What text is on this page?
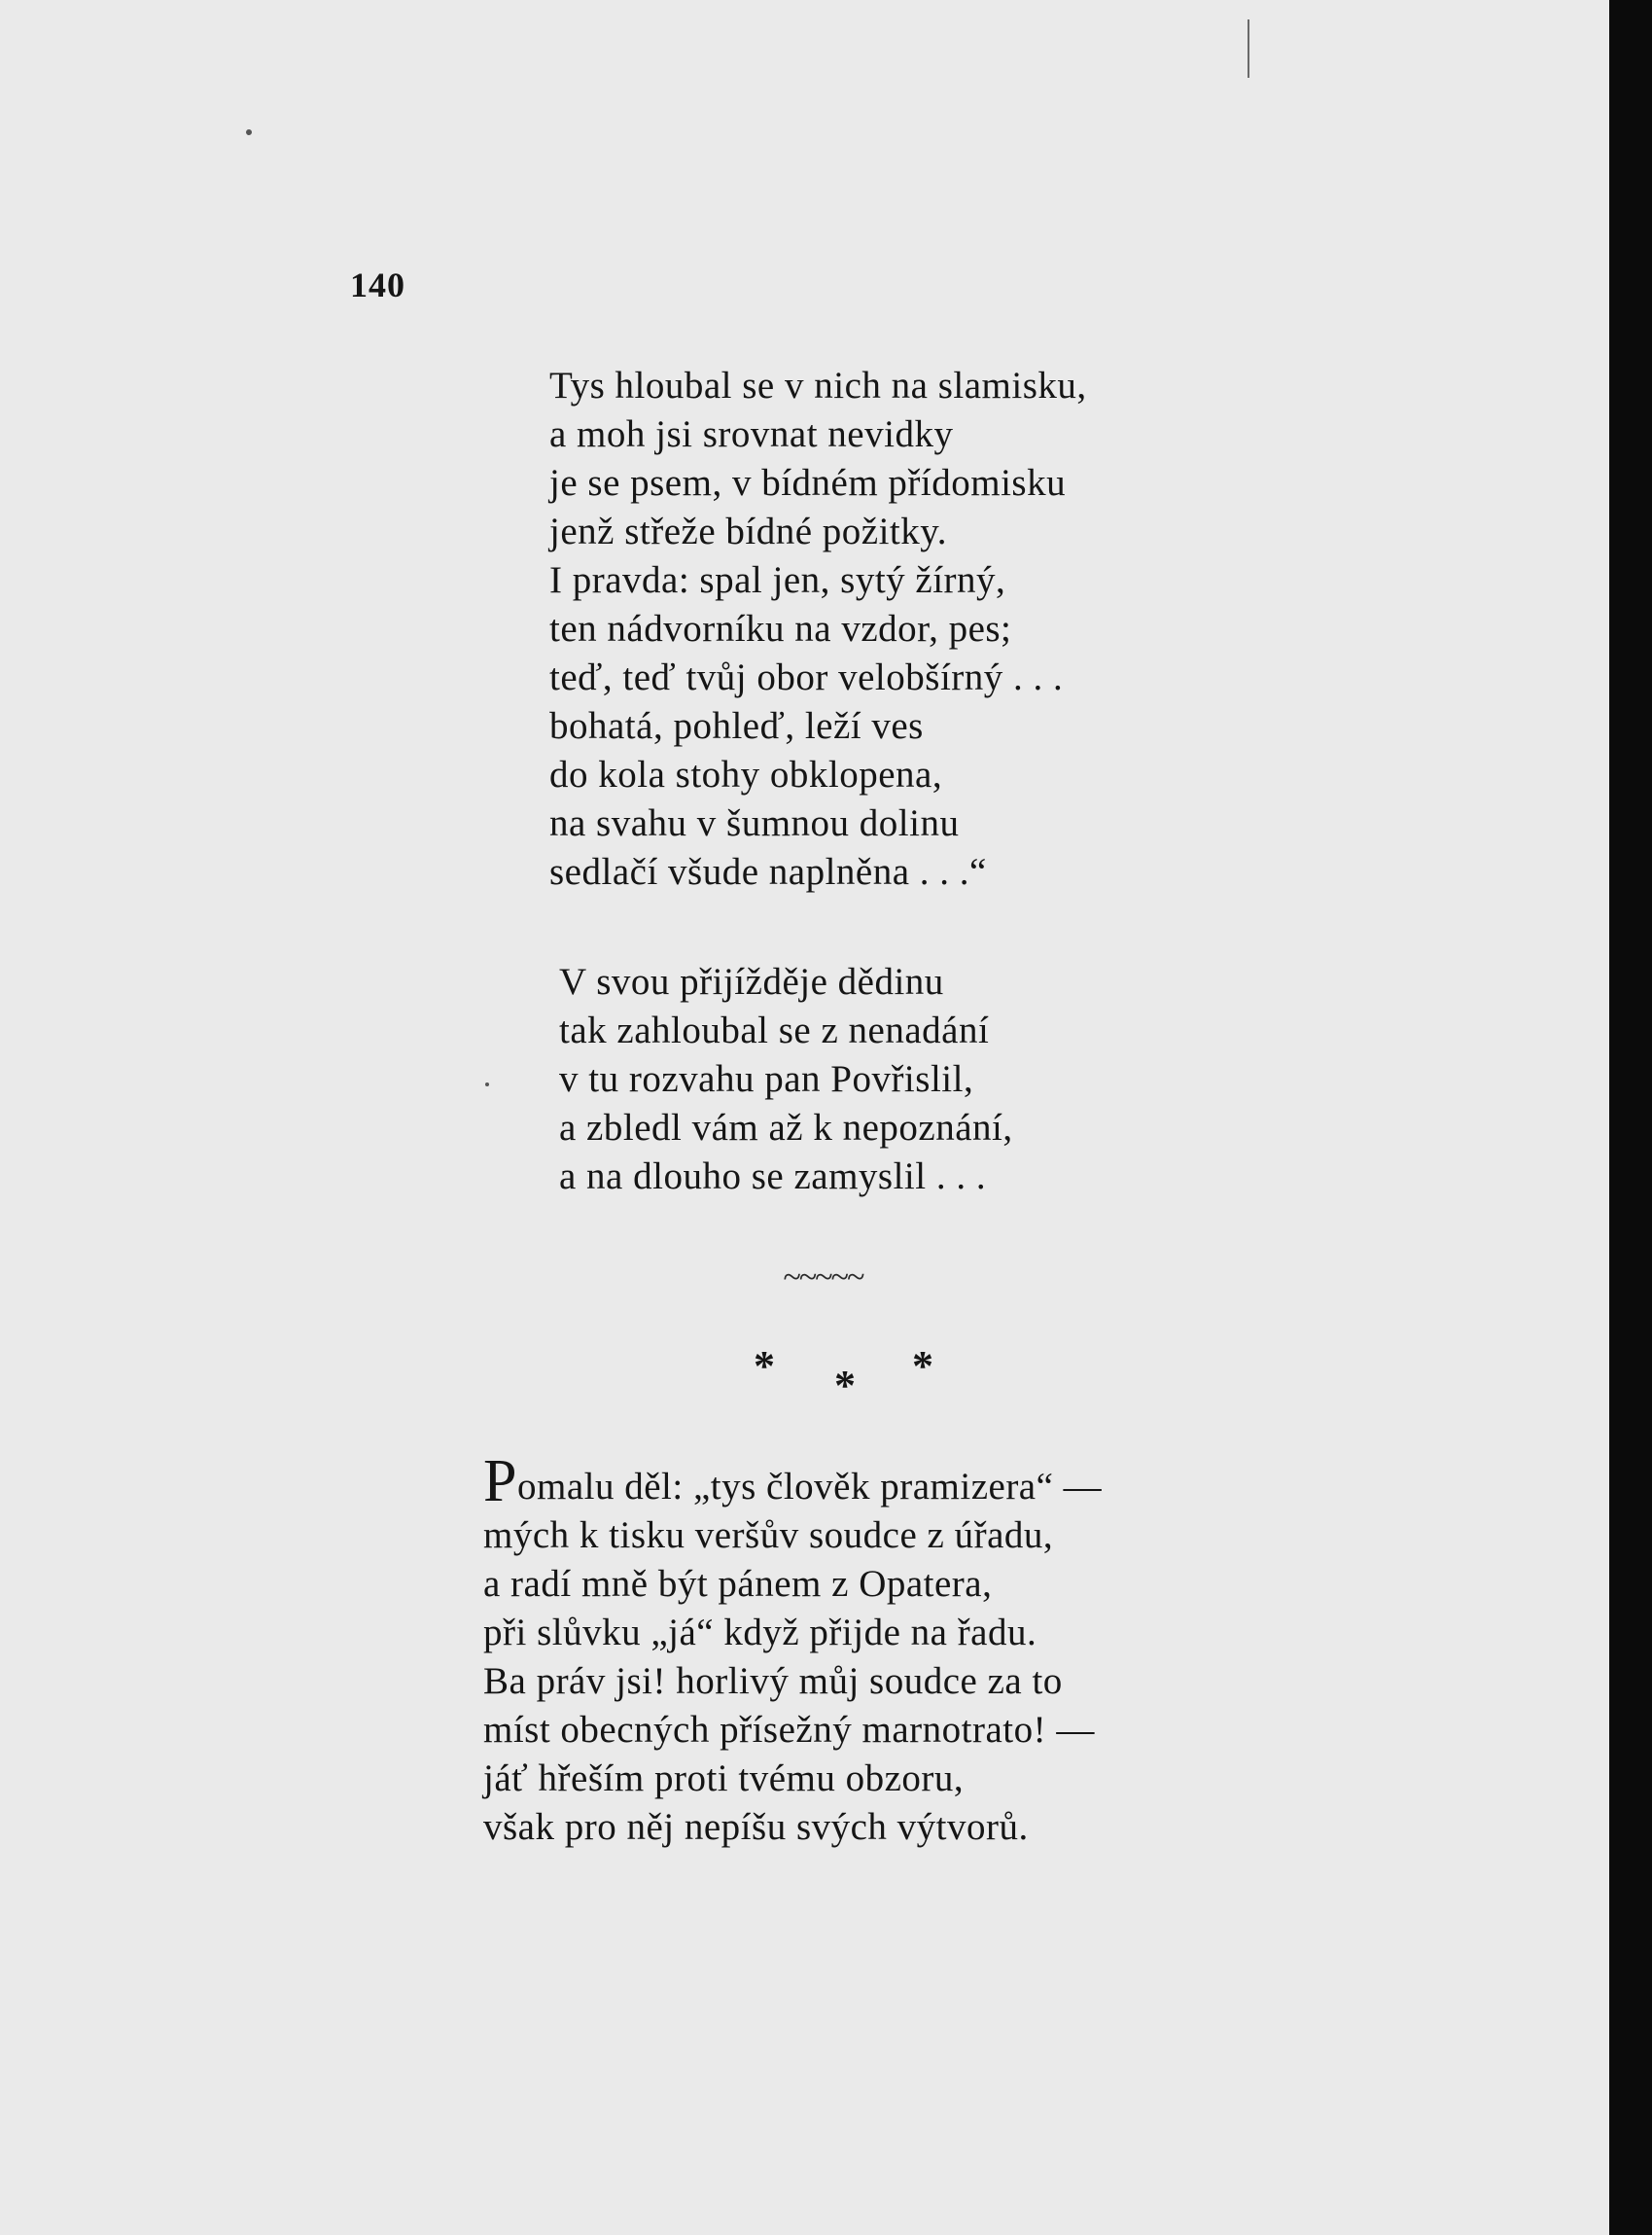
140
Tys hloubal se v nich na slamisku,
a moh jsi srovnat nevidky
je se psem, v bídném přídomisku
jenž střeže bídné požitky.
I pravda: spal jen, sytý žírný,
ten nádvorníku na vzdor, pes;
teď, teď tvůj obor velobšírný . . .
bohatá, pohleď, leží ves
do kola stohy obklopena,
na svahu v šumnou dolinu
sedlačí všude naplněna . . .“
V svou přijížděje dědinu
tak zahloubal se z nenadání
v tu rozvahu pan Povřislil,
a zbledl vám až k nepoznání,
a na dlouho se zamyslil . . .
~~~~~
* * *
Pomalu děl: „tys člověk pramizera“ —
mých k tisku veršův soudce z úřadu,
a radí mně být pánem z Opatera,
při slůvku „já“ když přijde na řadu.
Ba práv jsi! horlivý můj soudce za to
míst obecných přísežný marnotrato! —
jáť hřeším proti tvému obzoru,
však pro něj nepíšu svých výtvorů.
